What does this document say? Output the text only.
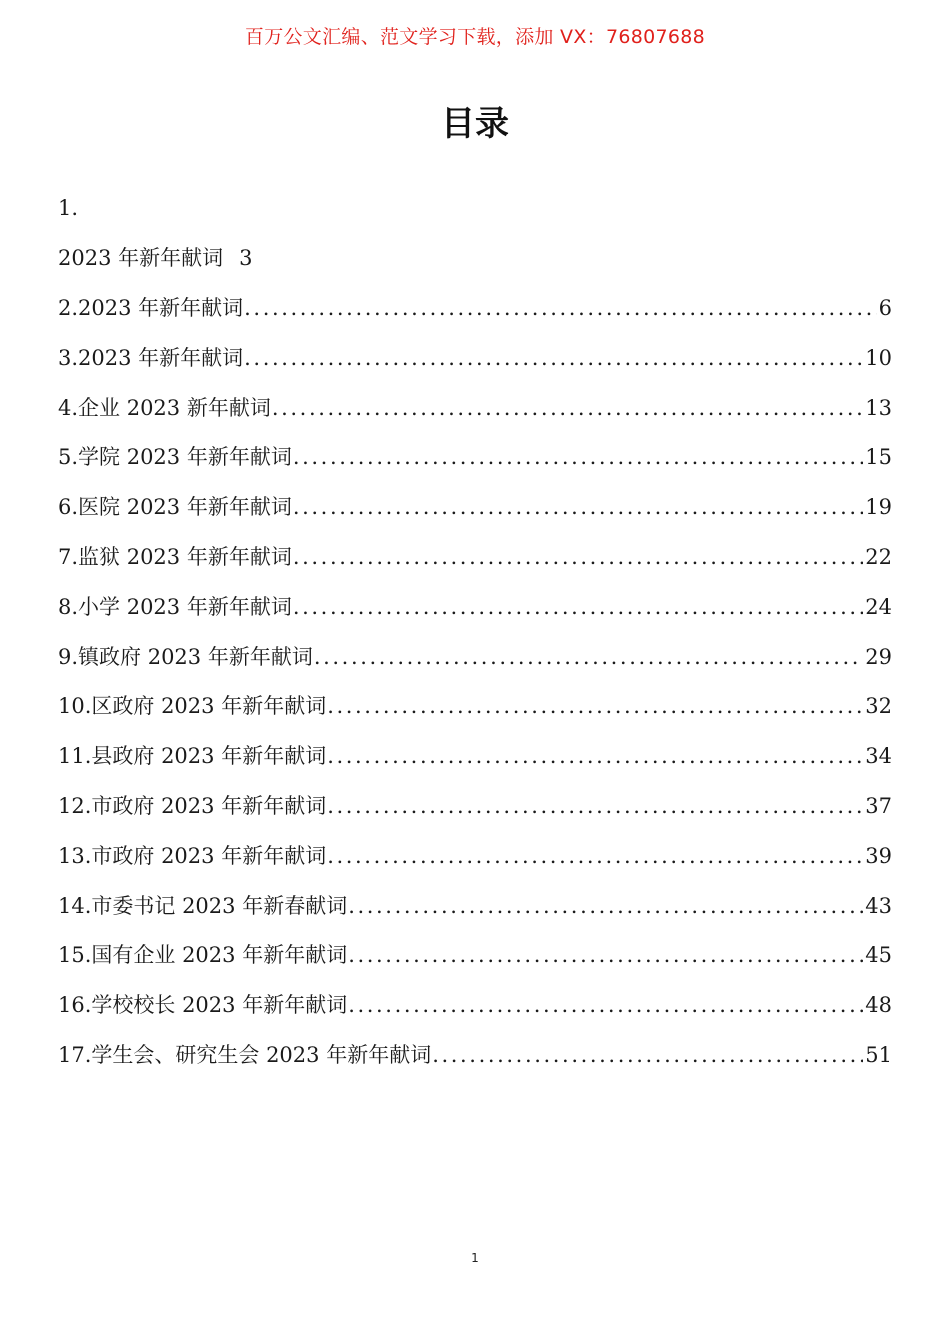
百万公文汇编、范文学习下载，添加 VX：76807688
目录
1.
2023 年新年献词 3
2.2023 年新年献词 .....	6
3.2023 年新年献词 .....	10
4.企业 2023 新年献词 .....	13
5.学院 2023 年新年献词 .....	15
6.医院 2023 年新年献词 .....	19
7.监狱 2023 年新年献词 .....	22
8.小学 2023 年新年献词 .....	24
9.镇政府 2023 年新年献词 .....	29
10.区政府 2023 年新年献词 .....	32
11.县政府 2023 年新年献词 .....	34
12.市政府 2023 年新年献词 .....	37
13.市政府 2023 年新年献词 .....	39
14.市委书记 2023 年新春献词 .....	43
15.国有企业 2023 年新年献词 .....	45
16.学校校长 2023 年新年献词 .....	48
17.学生会、研究生会 2023 年新年献词 .....	51
1
